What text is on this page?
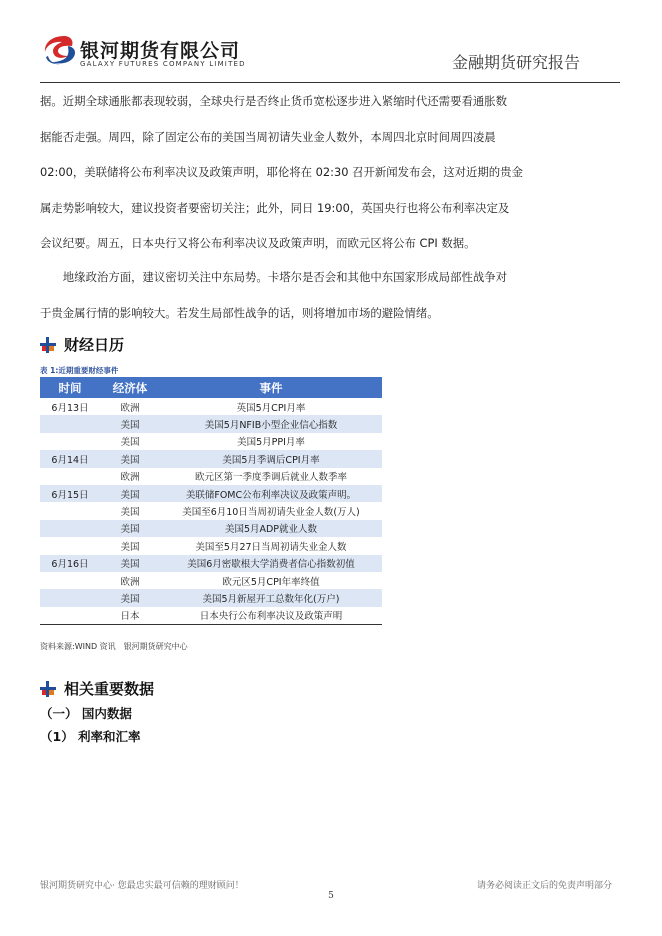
银河期货有限公司
GALAXY FUTURES COMPANY LIMITED	金融期货研究报告

据。近期全球通胀都表现较弱，全球央行是否终止货币宽松逐步进入紧缩时代还需要看通胀数

据能否走强。周四，除了固定公布的美国当周初请失业金人数外，本周四北京时间周四凌晨

02:00，美联储将公布利率决议及政策声明，耶伦将在 02:30 召开新闻发布会，这对近期的贵金

属走势影响较大，建议投资者要密切关注；此外，同日 19:00，英国央行也将公布利率决定及

会议纪要。周五，日本央行又将公布利率决议及政策声明，而欧元区将公布 CPI 数据。

　　地缘政治方面，建议密切关注中东局势。卡塔尔是否会和其他中东国家形成局部性战争对

于贵金属行情的影响较大。若发生局部性战争的话，则将增加市场的避险情绪。

财经日历
表 1:近期重要财经事件
时间	经济体	事件
6月13日	欧洲	英国5月CPI月率
	美国	美国5月NFIB小型企业信心指数
	美国	美国5月PPI月率
6月14日	美国	美国5月季调后CPI月率
	欧洲	欧元区第一季度季调后就业人数季率
6月15日	美国	美联储FOMC公布利率决议及政策声明。
	美国	美国至6月10日当周初请失业金人数(万人)
	美国	美国5月ADP就业人数
	美国	美国至5月27日当周初请失业金人数
6月16日	美国	美国6月密歇根大学消费者信心指数初值
	欧洲	欧元区5月CPI年率终值
	美国	美国5月新屋开工总数年化(万户)
	日本	日本央行公布利率决议及政策声明
资料来源:WIND 资讯　银河期货研究中心
相关重要数据
（一） 国内数据
（1） 利率和汇率
银河期货研究中心· 您最忠实最可信赖的理财顾问！	请务必阅读正文后的免责声明部分
5
